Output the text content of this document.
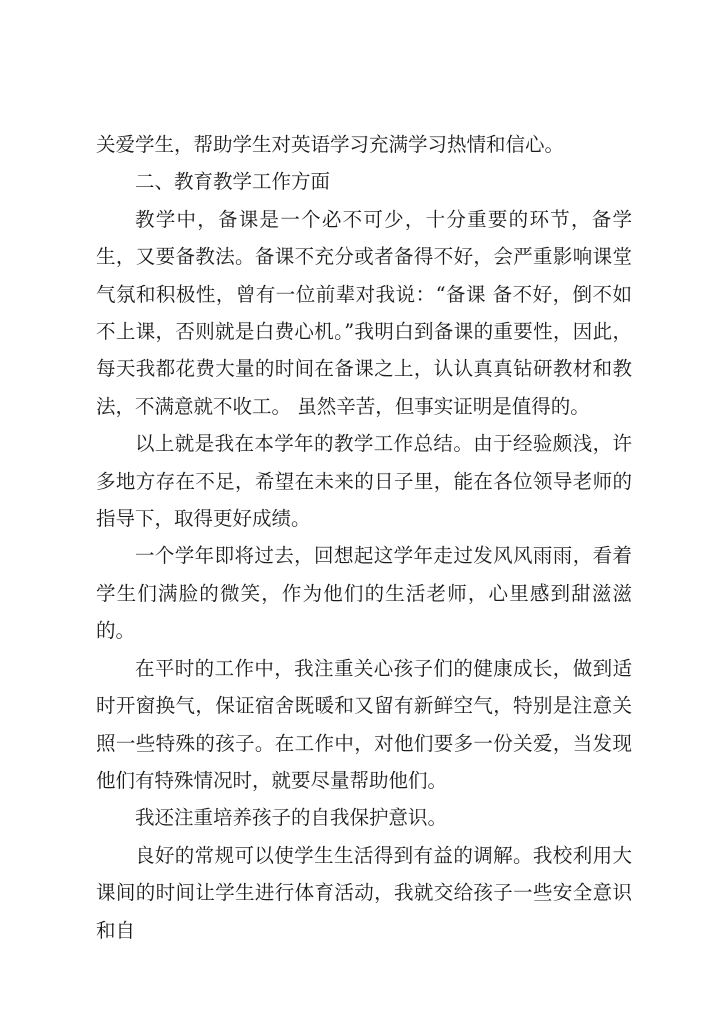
关爱学生，帮助学生对英语学习充满学习热情和信心。

二、教育教学工作方面

教学中，备课是一个必不可少，十分重要的环节，备学生，又要备教法。备课不充分或者备得不好，会严重影响课堂气氛和积极性，曾有一位前辈对我说：“备课 备不好，倒不如不上课，否则就是白费心机。”我明白到备课的重要性，因此，每天我都花费大量的时间在备课之上，认认真真钻研教材和教法，不满意就不收工。 虽然辛苦，但事实证明是值得的。

以上就是我在本学年的教学工作总结。由于经验颇浅，许多地方存在不足，希望在未来的日子里，能在各位领导老师的指导下，取得更好成绩。

一个学年即将过去，回想起这学年走过发风风雨雨，看着学生们满脸的微笑，作为他们的生活老师，心里感到甜滋滋的。

在平时的工作中，我注重关心孩子们的健康成长，做到适时开窗换气，保证宿舍既暖和又留有新鲜空气，特别是注意关照一些特殊的孩子。在工作中，对他们要多一份关爱，当发现他们有特殊情况时，就要尽量帮助他们。

我还注重培养孩子的自我保护意识。

良好的常规可以使学生生活得到有益的调解。我校利用大课间的时间让学生进行体育活动，我就交给孩子一些安全意识和自
